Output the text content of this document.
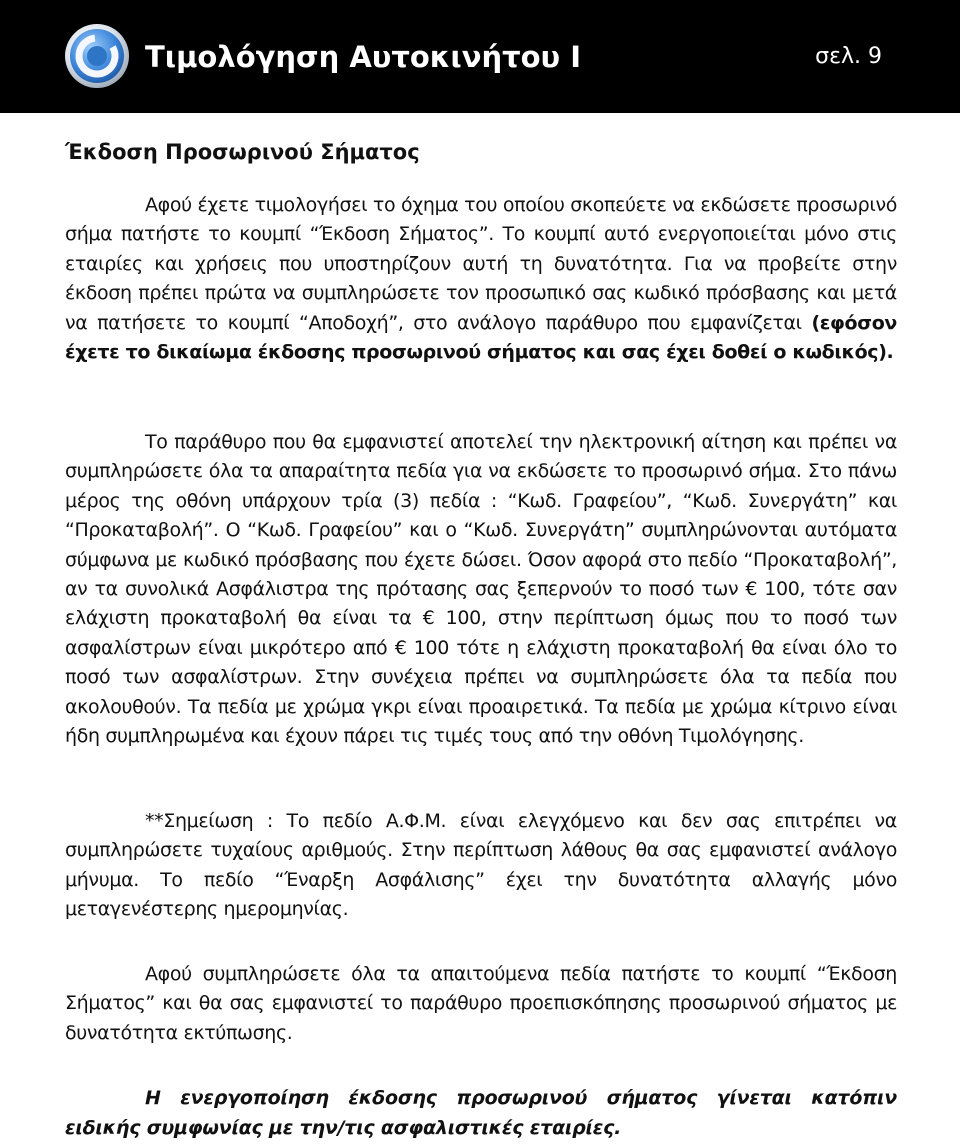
Τιμολόγηση Αυτοκινήτου Ι	σελ. 9
Έκδοση Προσωρινού Σήματος

Αφού έχετε τιμολογήσει το όχημα του οποίου σκοπεύετε να εκδώσετε προσωρινό σήμα πατήστε το κουμπί “Έκδοση Σήματος”. Το κουμπί αυτό ενεργοποιείται μόνο στις εταιρίες και χρήσεις που υποστηρίζουν αυτή τη δυνατότητα. Για να προβείτε στην έκδοση πρέπει πρώτα να συμπληρώσετε τον προσωπικό σας κωδικό πρόσβασης και μετά να πατήσετε το κουμπί “Αποδοχή”, στο ανάλογο παράθυρο που εμφανίζεται (εφόσον έχετε το δικαίωμα έκδοσης προσωρινού σήματος και σας έχει δοθεί ο κωδικός).

Το παράθυρο που θα εμφανιστεί αποτελεί την ηλεκτρονική αίτηση και πρέπει να συμπληρώσετε όλα τα απαραίτητα πεδία για να εκδώσετε το προσωρινό σήμα. Στο πάνω μέρος της οθόνη υπάρχουν τρία (3) πεδία : “Κωδ. Γραφείου”, “Κωδ. Συνεργάτη” και “Προκαταβολή”. Ο “Κωδ. Γραφείου” και ο “Κωδ. Συνεργάτη” συμπληρώνονται αυτόματα σύμφωνα με κωδικό πρόσβασης που έχετε δώσει. Όσον αφορά στο πεδίο “Προκαταβολή”, αν τα συνολικά Ασφάλιστρα της πρότασης σας ξεπερνούν το ποσό των € 100, τότε σαν ελάχιστη προκαταβολή θα είναι τα € 100, στην περίπτωση όμως που το ποσό των ασφαλίστρων είναι μικρότερο από € 100 τότε η ελάχιστη προκαταβολή θα είναι όλο το ποσό των ασφαλίστρων. Στην συνέχεια πρέπει να συμπληρώσετε όλα τα πεδία που ακολουθούν. Τα πεδία με χρώμα γκρι είναι προαιρετικά. Τα πεδία με χρώμα κίτρινο είναι ήδη συμπληρωμένα και έχουν πάρει τις τιμές τους από την οθόνη Τιμολόγησης.

**Σημείωση : Το πεδίο Α.Φ.Μ. είναι ελεγχόμενο και δεν σας επιτρέπει να συμπληρώσετε τυχαίους αριθμούς. Στην περίπτωση λάθους θα σας εμφανιστεί ανάλογο μήνυμα. Το πεδίο “Έναρξη Ασφάλισης” έχει την δυνατότητα αλλαγής μόνο μεταγενέστερης ημερομηνίας.

Αφού συμπληρώσετε όλα τα απαιτούμενα πεδία πατήστε το κουμπί “Έκδοση Σήματος” και θα σας εμφανιστεί το παράθυρο προεπισκόπησης προσωρινού σήματος με δυνατότητα εκτύπωσης.

Η ενεργοποίηση έκδοσης προσωρινού σήματος γίνεται κατόπιν ειδικής συμφωνίας με την/τις ασφαλιστικές εταιρίες.
